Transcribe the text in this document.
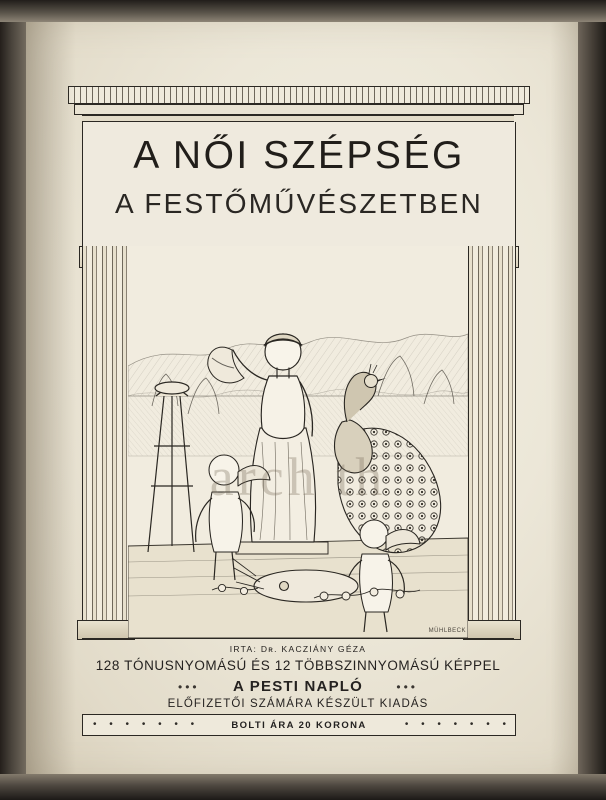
A NŐI SZÉPSÉG
A FESTŐMŰVÉSZETBEN
MÜHLBECK
arch th
IRTA: Dʀ. KACZIÁNY GÉZA
128 TÓNUSNYOMÁSÚ ÉS 12 TÖBBSZINNYOMÁSÚ KÉPPEL
•••	A PESTI NAPLÓ	•••
ELŐFIZETŐI SZÁMÁRA KÉSZÜLT KIADÁS
• • • • • • •	BOLTI ÁRA 20 KORONA	• • • • • • •
